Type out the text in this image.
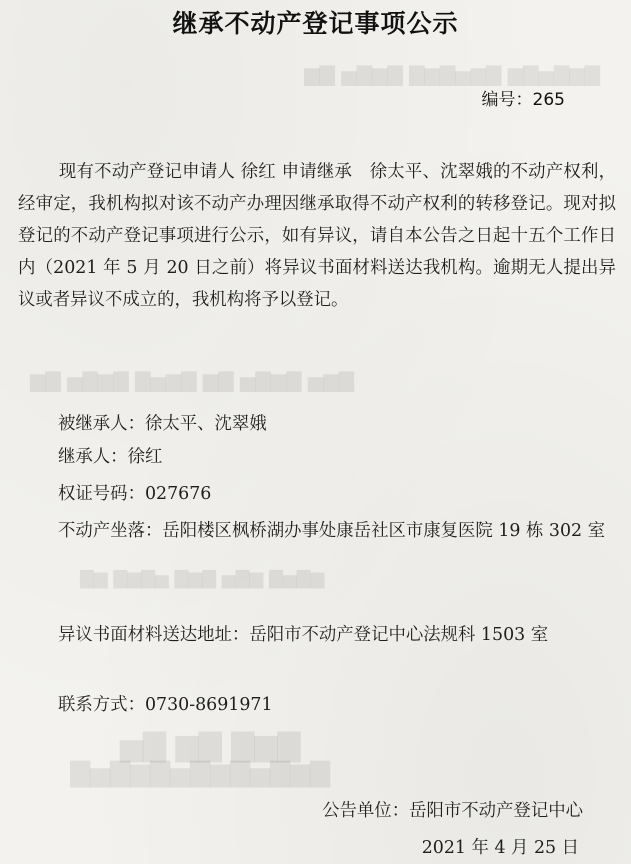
▇▆▇▅▇▆ ▇▆▅▇▆▇ ▇▆▇▅ ▇▆
▇▆▅ ▇▆▇▅ ▇▆ ▇▆▅▇ ▇▆▇▅ ▇▆
▆▇▅▇ ▆▇▅ ▇▆▇ ▅▇▆▇ ▆▇
▇▆▇ ▇▆ ▇▅
▇▆▇▅▇▆▇▅▇▆▇▅▇
继承不动产登记事项公示
编号：265

现有不动产登记申请人 徐红 申请继承　徐太平、沈翠娥的不动产权利，经审定，我机构拟对该不动产办理因继承取得不动产权利的转移登记。现对拟登记的不动产登记事项进行公示，如有异议，请自本公告之日起十五个工作日内（2021 年 5 月 20 日之前）将异议书面材料送达我机构。逾期无人提出异议或者异议不成立的，我机构将予以登记。

被继承人：徐太平、沈翠娥
继承人：徐红
权证号码：027676
不动产坐落：岳阳楼区枫桥湖办事处康岳社区市康复医院 19 栋 302 室
异议书面材料送达地址：岳阳市不动产登记中心法规科 1503 室
联系方式：0730-8691971
公告单位：岳阳市不动产登记中心
2021 年 4 月 25 日
